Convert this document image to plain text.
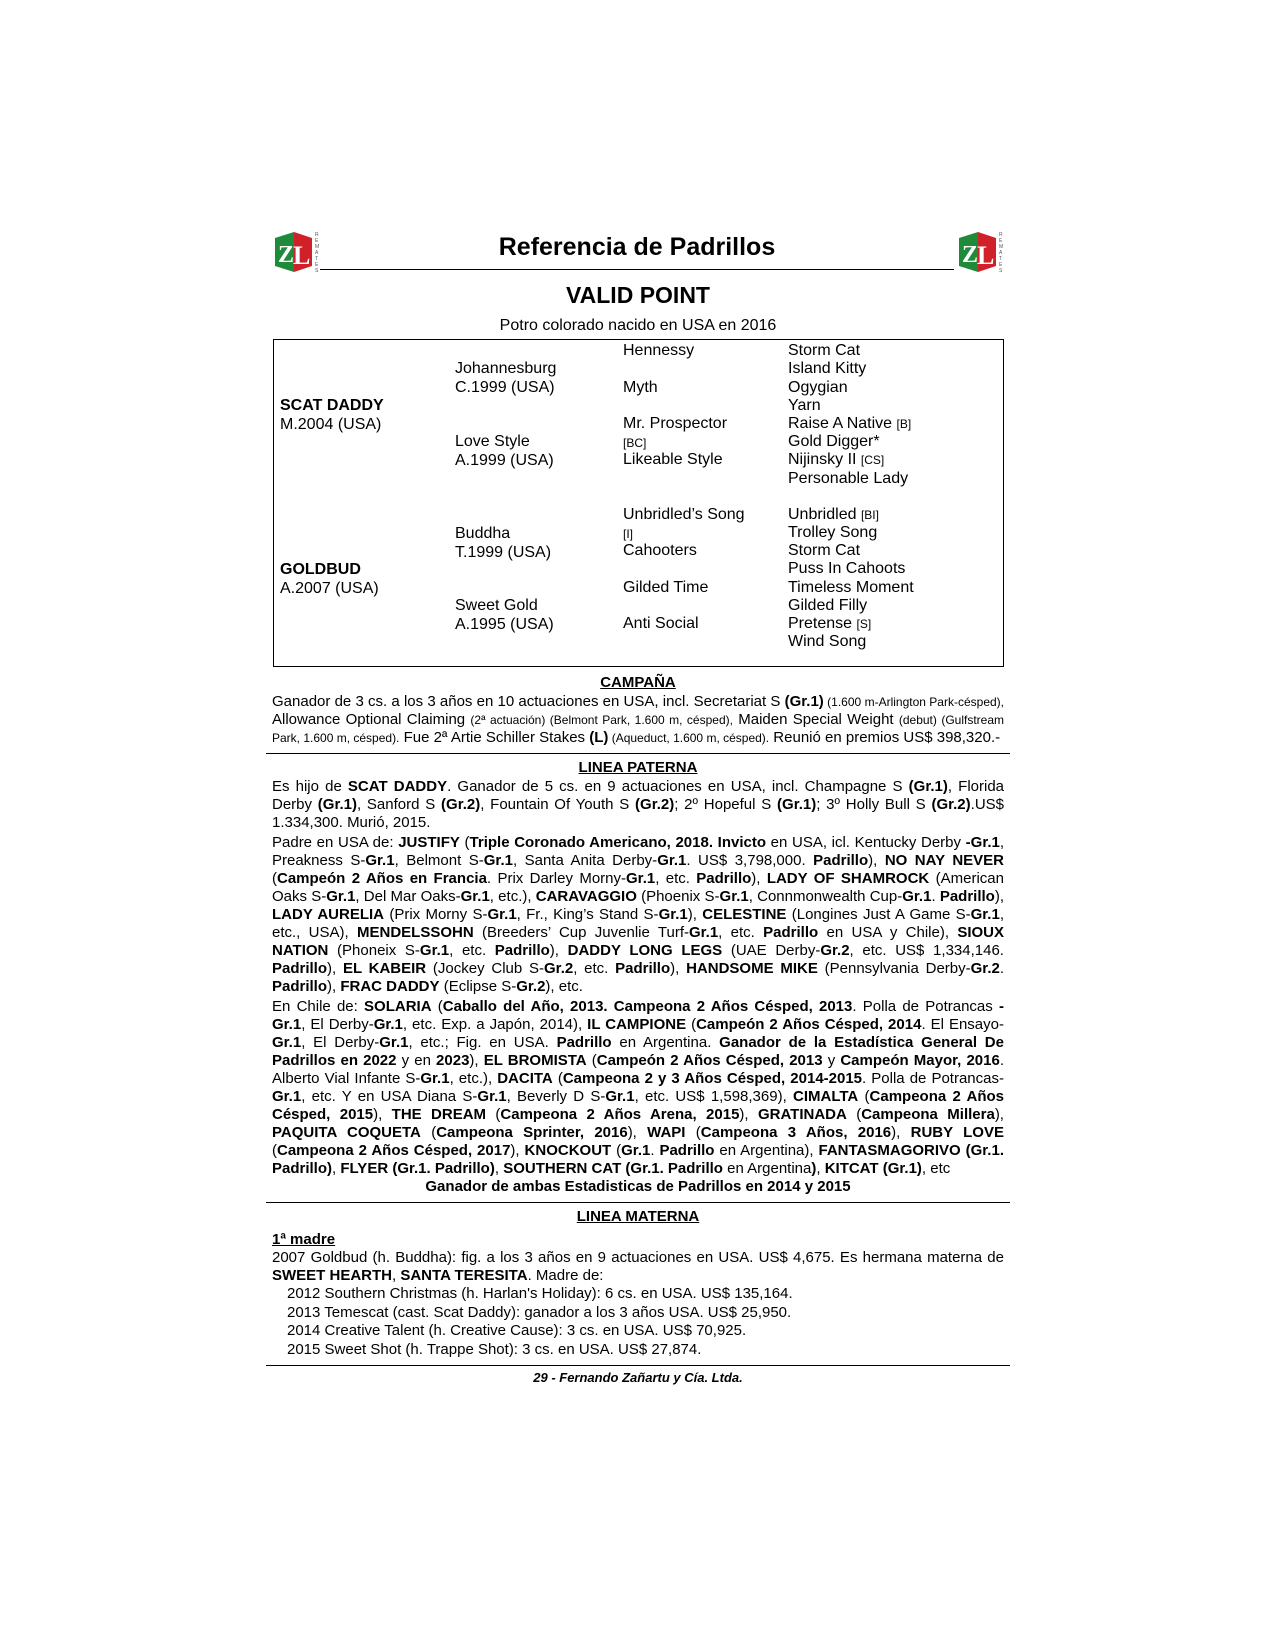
Z
L
R
E
M
A
T
E
S
Referencia de Padrillos	Z
L
R
E
M
A
T
E
S
VALID POINT
Potro colorado nacido en USA en 2016
SCAT DADDY
M.2004 (USA)
GOLDBUD
A.2007 (USA)
Johannesburg
C.1999 (USA)
Love Style
A.1999 (USA)
Buddha
T.1999 (USA)
Sweet Gold
A.1995 (USA)
Hennessy
Myth
Mr. Prospector
[BC]
Likeable Style
Unbridled’s Song
[I]
Cahooters
Gilded Time
Anti Social
Storm Cat
Island Kitty
Ogygian
Yarn
Raise A Native [B]
Gold Digger*
Nijinsky II [CS]
Personable Lady
Unbridled [BI]
Trolley Song
Storm Cat
Puss In Cahoots
Timeless Moment
Gilded Filly
Pretense [S]
Wind Song
CAMPAÑA
Ganador de 3 cs. a los 3 años en 10 actuaciones en USA, incl. Secretariat S (Gr.1) (1.600 m-Arlington Park-césped), Allowance Optional Claiming (2ª actuación) (Belmont Park, 1.600 m, césped), Maiden Special Weight (debut) (Gulfstream Park, 1.600 m, césped). Fue 2ª Artie Schiller Stakes (L) (Aqueduct, 1.600 m, césped). Reunió en premios US$ 398,320.-
LINEA PATERNA
Es hijo de SCAT DADDY. Ganador de 5 cs. en 9 actuaciones en USA, incl. Champagne S (Gr.1), Florida Derby (Gr.1), Sanford S (Gr.2), Fountain Of Youth S (Gr.2); 2º Hopeful S (Gr.1); 3º Holly Bull S (Gr.2).US$ 1.334,300. Murió, 2015.
Padre en USA de: JUSTIFY (Triple Coronado Americano, 2018. Invicto en USA, icl. Kentucky Derby -Gr.1, Preakness S-Gr.1, Belmont S-Gr.1, Santa Anita Derby-Gr.1. US$ 3,798,000. Padrillo), NO NAY NEVER (Campeón 2 Años en Francia. Prix Darley Morny-Gr.1, etc. Padrillo), LADY OF SHAMROCK (American Oaks S-Gr.1, Del Mar Oaks-Gr.1, etc.), CARAVAGGIO (Phoenix S-Gr.1, Connmonwealth Cup-Gr.1. Padrillo), LADY AURELIA (Prix Morny S-Gr.1, Fr., King’s Stand S-Gr.1), CELESTINE (Longines Just A Game S-Gr.1, etc., USA), MENDELSSOHN (Breeders’ Cup Juvenlie Turf-Gr.1, etc. Padrillo en USA y Chile), SIOUX NATION (Phoneix S-Gr.1, etc. Padrillo), DADDY LONG LEGS (UAE Derby-Gr.2, etc. US$ 1,334,146. Padrillo), EL KABEIR (Jockey Club S-Gr.2, etc. Padrillo), HANDSOME MIKE (Pennsylvania Derby-Gr.2. Padrillo), FRAC DADDY (Eclipse S-Gr.2), etc.
En Chile de: SOLARIA (Caballo del Año, 2013. Campeona 2 Años Césped, 2013. Polla de Potrancas -Gr.1, El Derby-Gr.1, etc. Exp. a Japón, 2014), IL CAMPIONE (Campeón 2 Años Césped, 2014. El Ensayo-Gr.1, El Derby-Gr.1, etc.; Fig. en USA. Padrillo en Argentina. Ganador de la Estadística General De Padrillos en 2022 y en 2023), EL BROMISTA (Campeón 2 Años Césped, 2013 y Campeón Mayor, 2016. Alberto Vial Infante S-Gr.1, etc.), DACITA (Campeona 2 y 3 Años Césped, 2014-2015. Polla de Potrancas-Gr.1, etc. Y en USA Diana S-Gr.1, Beverly D S-Gr.1, etc. US$ 1,598,369), CIMALTA (Campeona 2 Años Césped, 2015), THE DREAM (Campeona 2 Años Arena, 2015), GRATINADA (Campeona Millera), PAQUITA COQUETA (Campeona Sprinter, 2016), WAPI (Campeona 3 Años, 2016), RUBY LOVE (Campeona 2 Años Césped, 2017), KNOCKOUT (Gr.1. Padrillo en Argentina), FANTASMAGORIVO (Gr.1. Padrillo), FLYER (Gr.1. Padrillo), SOUTHERN CAT (Gr.1. Padrillo en Argentina), KITCAT (Gr.1), etc
Ganador de ambas Estadisticas de Padrillos en 2014 y 2015
LINEA MATERNA
1ª madre
2007 Goldbud (h. Buddha): fig. a los 3 años en 9 actuaciones en USA. US$ 4,675. Es hermana materna de SWEET HEARTH, SANTA TERESITA. Madre de:
2012 Southern Christmas (h. Harlan's Holiday): 6 cs. en USA. US$ 135,164.
2013 Temescat (cast. Scat Daddy): ganador a los 3 años USA. US$ 25,950.
2014 Creative Talent (h. Creative Cause): 3 cs. en USA. US$ 70,925.
2015 Sweet Shot (h. Trappe Shot): 3 cs. en USA. US$ 27,874.
29 - Fernando Zañartu y Cía. Ltda.
